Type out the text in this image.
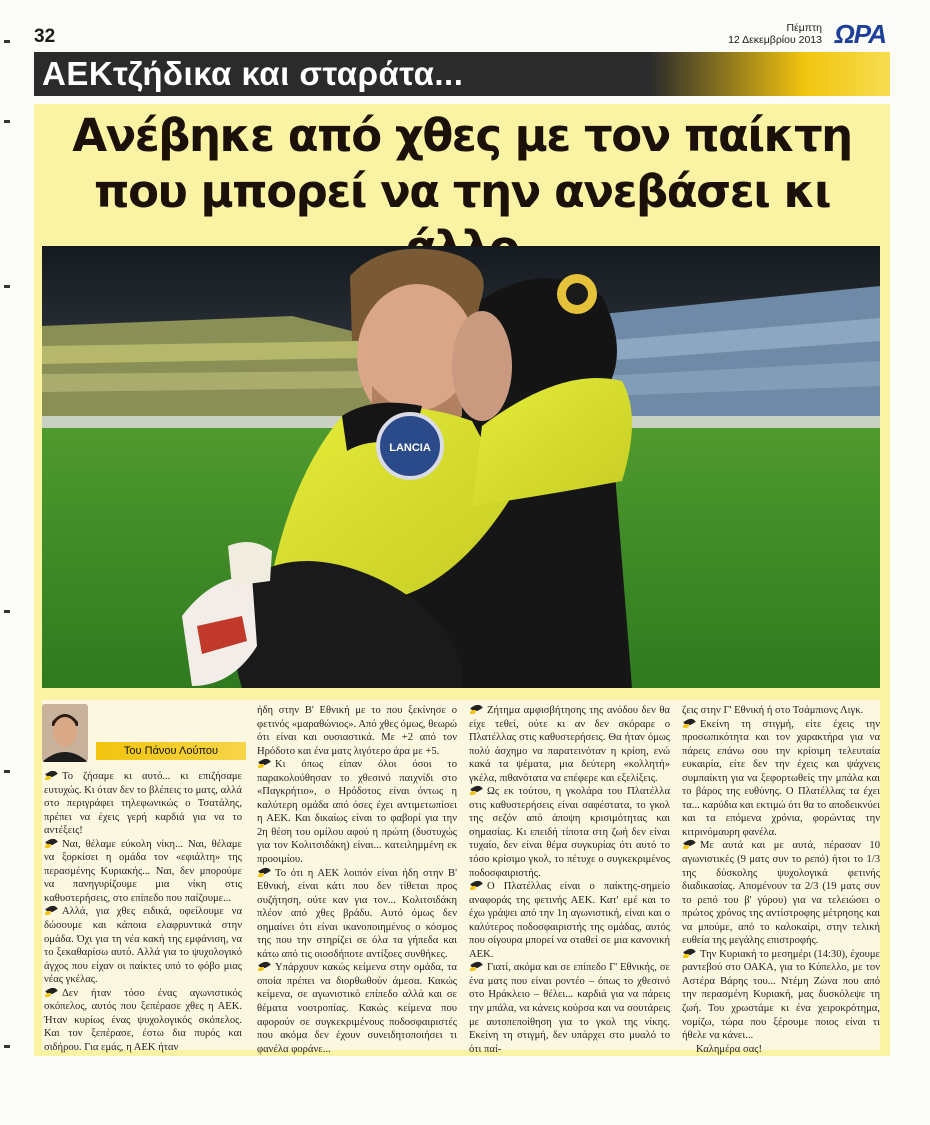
32	Πέμπτη
12 Δεκεμβρίου 2013 ΩΡΑ
ΑΕΚτζήδικα και σταράτα...
Ανέβηκε από χθες με τον παίκτη
που μπορεί να την ανεβάσει κι
LANCIA
Του Πάνου Λούπου

Το ζήσαμε κι αυτό... κι επιζήσαμε ευτυχώς. Κι όταν δεν το βλέπεις το ματς, αλλά στο περιγράφει τηλεφωνικώς ο Τσατάλης, πρέπει να έχεις γερή καρδιά για να το αντέξεις!

Ναι, θέλαμε εύκολη νίκη... Ναι, θέλαμε να ξορκίσει η ομάδα τον «εφιάλτη» της περασμένης Κυριακής... Ναι, δεν μπορούμε να πανηγυρίζουμε μια νίκη στις καθυστερήσεις, στο επίπεδο που παίζουμε...

Αλλά, για χθες ειδικά, οφείλουμε να δώσουμε και κάποια ελαφρυντικά στην ομάδα. Όχι για τη νέα κακή της εμφάνιση, να το ξεκαθαρίσω αυτό. Αλλά για το ψυχολογικό άγχος που είχαν οι παίκτες υπό το φόβο μιας νέας γκέλας.

Δεν ήταν τόσο ένας αγωνιστικός σκόπελος, αυτός που ξεπέρασε χθες η ΑΕΚ. Ήταν κυρίως ένας ψυχολογικός σκόπελος. Και τον ξεπέρασε, έστω δια πυρός και σιδήρου. Για εμάς, η ΑΕΚ ήταν

ήδη στην Β' Εθνική με το που ξεκίνησε ο φετινός «μαραθώνιος». Από χθες όμως, θεωρώ ότι είναι και ουσιαστικά. Με +2 από τον Ηρόδοτο και ένα ματς λιγότερο άρα με +5.

Κι όπως είπαν όλοι όσοι το παρακολούθησαν το χθεσινό παιχνίδι στο «Παγκρήτιο», ο Ηρόδοτος είναι όντως η καλύτερη ομάδα από όσες έχει αντιμετωπίσει η ΑΕΚ. Και δικαίως είναι το φαβορί για την 2η θέση του ομίλου αφού η πρώτη (δυστυχώς για τον Κολιτσιδάκη) είναι... κατειλημμένη εκ προοιμίου.

Το ότι η ΑΕΚ λοιπόν είναι ήδη στην Β' Εθνική, είναι κάτι που δεν τίθεται προς συζήτηση, ούτε καν για τον... Κολιτσιδάκη πλέον από χθες βράδυ. Αυτό όμως δεν σημαίνει ότι είναι ικανοποιημένος ο κόσμος της που την στηρίζει σε όλα τα γήπεδα και κάτω από τις οιοσδήποτε αντίξοες συνθήκες.

Υπάρχουν κακώς κείμενα στην ομάδα, τα οποία πρέπει να διορθωθούν άμεσα. Κακώς κείμενα, σε αγωνιστικό επίπεδο αλλά και σε θέματα νοοτροπίας. Κακώς κείμενα που αφορούν σε συγκεκριμένους ποδοσφαιριστές που ακόμα δεν έχουν συνειδητοποιήσει τι φανέλα φοράνε...

Ζήτημα αμφισβήτησης της ανόδου δεν θα είχε τεθεί, ούτε κι αν δεν σκόραρε ο Πλατέλλας στις καθυστερήσεις. Θα ήταν όμως πολύ άσχημο να παρατεινόταν η κρίση, ενώ κακά τα ψέματα, μια δεύτερη «κολλητή» γκέλα, πιθανότατα να επέφερε και εξελίξεις.

Ως εκ τούτου, η γκολάρα του Πλατέλλα στις καθυστερήσεις είναι σαφέστατα, το γκολ της σεζόν από άποψη κρισιμότητας και σημασίας. Κι επειδή τίποτα στη ζωή δεν είναι τυχαίο, δεν είναι θέμα συγκυρίας ότι αυτό το τόσο κρίσιμο γκολ, το πέτυχε ο συγκεκριμένος ποδοσφαιριστής.

Ο Πλατέλλας είναι ο παίκτης-σημείο αναφοράς της φετινής ΑΕΚ. Κατ' εμέ και το έχω γράψει από την 1η αγωνιστική, είναι και ο καλύτερος ποδοσφαιριστής της ομάδας, αυτός που σίγουρα μπορεί να σταθεί σε μια κανονική ΑΕΚ.

Γιατί, ακόμα και σε επίπεδο Γ' Εθνικής, σε ένα ματς που είναι ροντέο – όπως το χθεσινό στο Ηράκλειο – θέλει... καρδιά για να πάρεις την μπάλα, να κάνεις κούρσα και να σουτάρεις με αυτοπεποίθηση για το γκολ της νίκης. Εκείνη τη στιγμή, δεν υπάρχει στο μυαλό το ότι παί-

ζεις στην Γ' Εθνική ή στο Τσάμπιονς Λιγκ.

Εκείνη τη στιγμή, είτε έχεις την προσωπικότητα και τον χαρακτήρα για να πάρεις επάνω σου την κρίσιμη τελευταία ευκαιρία, είτε δεν την έχεις και ψάχνεις συμπαίκτη για να ξεφορτωθείς την μπάλα και το βάρος της ευθύνης. Ο Πλατέλλας τα έχει τα... καρύδια και εκτιμώ ότι θα το αποδεικνύει και τα επόμενα χρόνια, φορώντας την κιτρινόμαυρη φανέλα.

Με αυτά και με αυτά, πέρασαν 10 αγωνιστικές (9 ματς συν το ρεπό) ήτοι το 1/3 της δύσκολης ψυχολογικά φετινής διαδικασίας. Απομένουν τα 2/3 (19 ματς συν το ρεπό του β' γύρου) για να τελειώσει ο πρώτος χρόνος της αντίστροφης μέτρησης και να μπούμε, από το καλοκαίρι, στην τελική ευθεία της μεγάλης επιστροφής.

Την Κυριακή το μεσημέρι (14:30), έχουμε ραντεβού στο ΟΑΚΑ, για το Κύπελλο, με τον Αστέρα Βάρης του... Ντέμη Ζώνα που από την περασμένη Κυριακή, μας δυσκόλεψε τη ζωή. Του χρωστάμε κι ένα χειροκρότημα, νομίζω, τώρα που ξέρουμε ποιος είναι τι ήθελε να κάνει...

Καλημέρα σας!
